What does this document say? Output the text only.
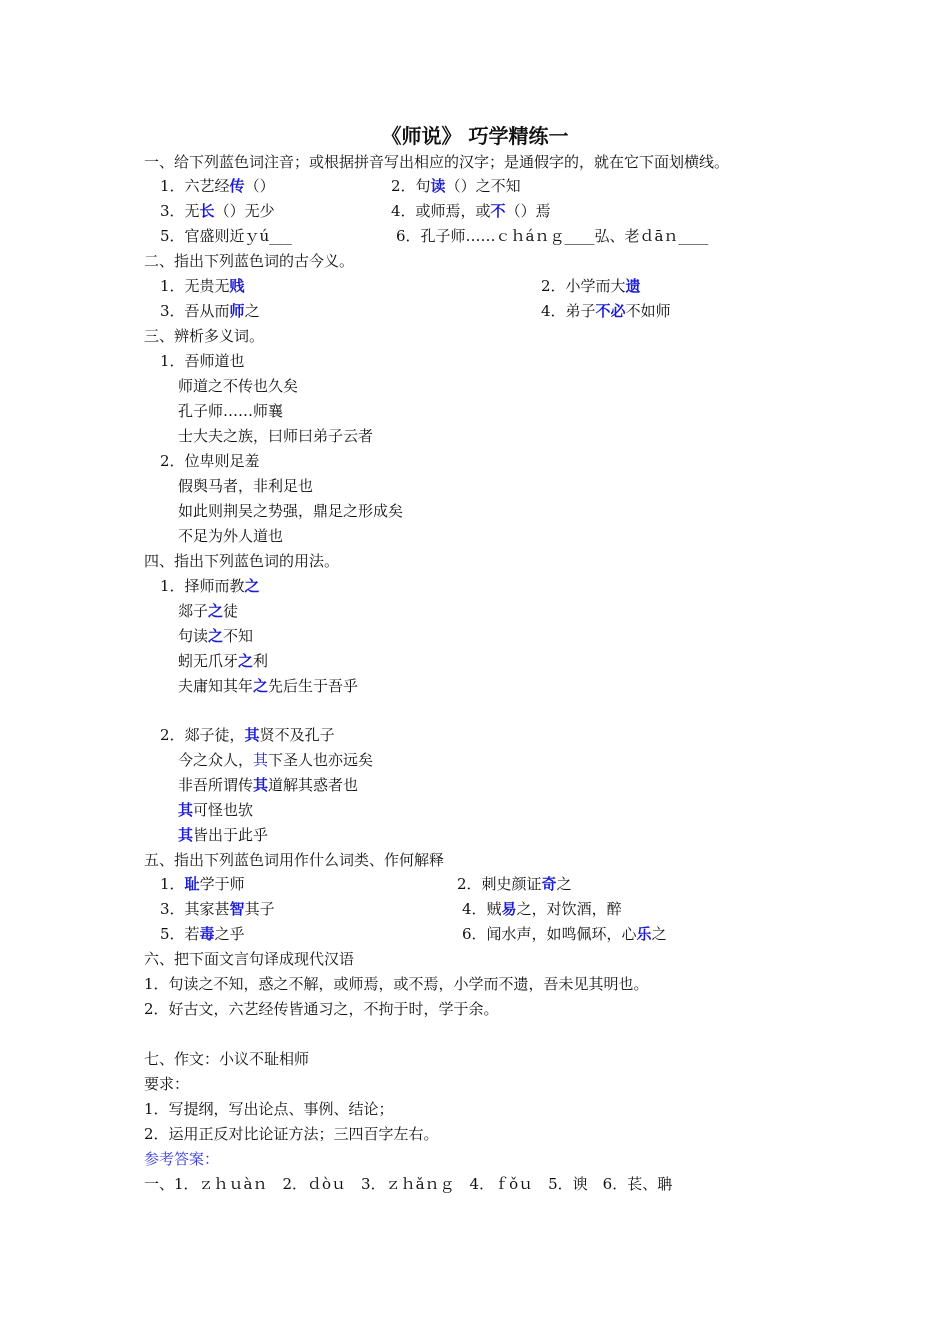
《师说》 巧学精练一
一、给下列蓝色词注音；或根据拼音写出相应的汉字；是通假字的，就在它下面划横线。
1．六艺经传（）	2．句读（）之不知
3．无长（）无少	4．或师焉，或不（）焉
5．官盛则近ｙú___	6．孔子师……ｃｈáｎｇ____弘、老ｄāｎ____
二、指出下列蓝色词的古今义。
1．无贵无贱	2．小学而大遗
3．吾从而师之	4．弟子不必不如师
三、辨析多义词。
1．吾师道也
师道之不传也久矣
孔子师……师襄
士大夫之族，曰师曰弟子云者
2．位卑则足羞
假舆马者，非利足也
如此则荆吴之势强，鼎足之形成矣
不足为外人道也
四、指出下列蓝色词的用法。
1．择师而教之
郯子之徒
句读之不知
蚓无爪牙之利
夫庸知其年之先后生于吾乎
2．郯子徒，其贤不及孔子
今之众人，其下圣人也亦远矣
非吾所谓传其道解其惑者也
其可怪也欤
其皆出于此乎
五、指出下列蓝色词用作什么词类、作何解释
1．耻学于师	2．刺史颜证奇之
3．其家甚智其子	4．贼易之，对饮酒，醉
5．若毒之乎	6．闻水声，如鸣佩环，心乐之
六、把下面文言句译成现代汉语
1．句读之不知，惑之不解，或师焉，或不焉，小学而不遗，吾未见其明也。
2．好古文，六艺经传皆通习之，不拘于时，学于余。
七、作文：小议不耻相师
要求：
1．写提纲，写出论点、事例、结论；
2．运用正反对比论证方法；三四百字左右。
参考答案：
一、1．ｚｈｕàｎ　2．ｄòｕ　3．ｚｈǎｎｇ　4．ｆǒｕ　5．谀　6．苌、聃
